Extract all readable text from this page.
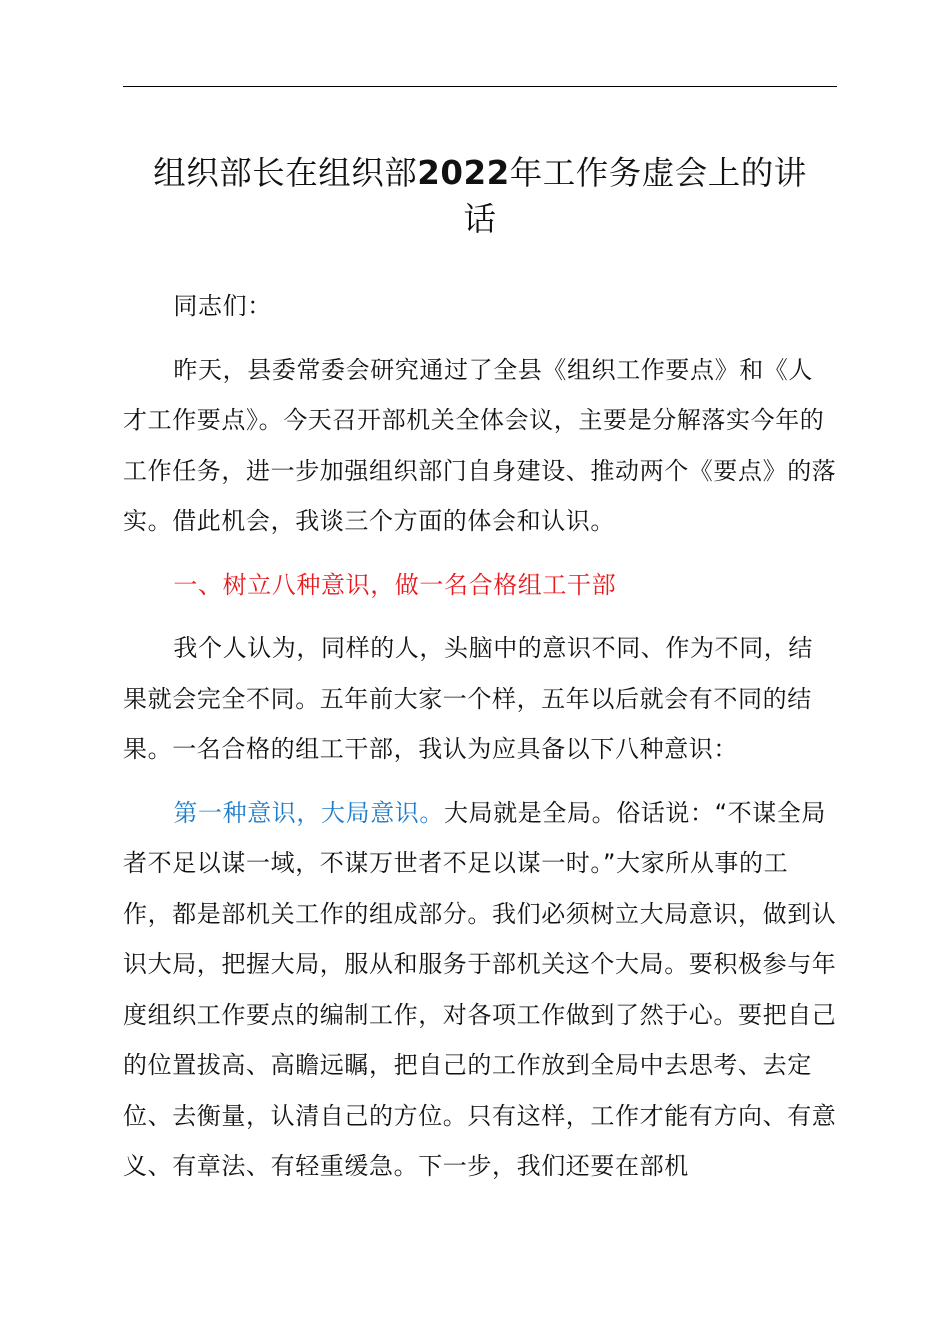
组织部长在组织部2022年工作务虚会上的讲
话

同志们：

昨天，县委常委会研究通过了全县《组织工作要点》和《人才工作要点》。今天召开部机关全体会议，主要是分解落实今年的工作任务，进一步加强组织部门自身建设、推动两个《要点》的落实。借此机会，我谈三个方面的体会和认识。

一、树立八种意识，做一名合格组工干部

我个人认为，同样的人，头脑中的意识不同、作为不同，结果就会完全不同。五年前大家一个样，五年以后就会有不同的结果。一名合格的组工干部，我认为应具备以下八种意识：

第一种意识，大局意识。大局就是全局。俗话说：“不谋全局者不足以谋一域，不谋万世者不足以谋一时。”大家所从事的工作，都是部机关工作的组成部分。我们必须树立大局意识，做到认识大局，把握大局，服从和服务于部机关这个大局。要积极参与年度组织工作要点的编制工作，对各项工作做到了然于心。要把自己的位置拔高、高瞻远瞩，把自己的工作放到全局中去思考、去定位、去衡量，认清自己的方位。只有这样，工作才能有方向、有意义、有章法、有轻重缓急。下一步，我们还要在部机
